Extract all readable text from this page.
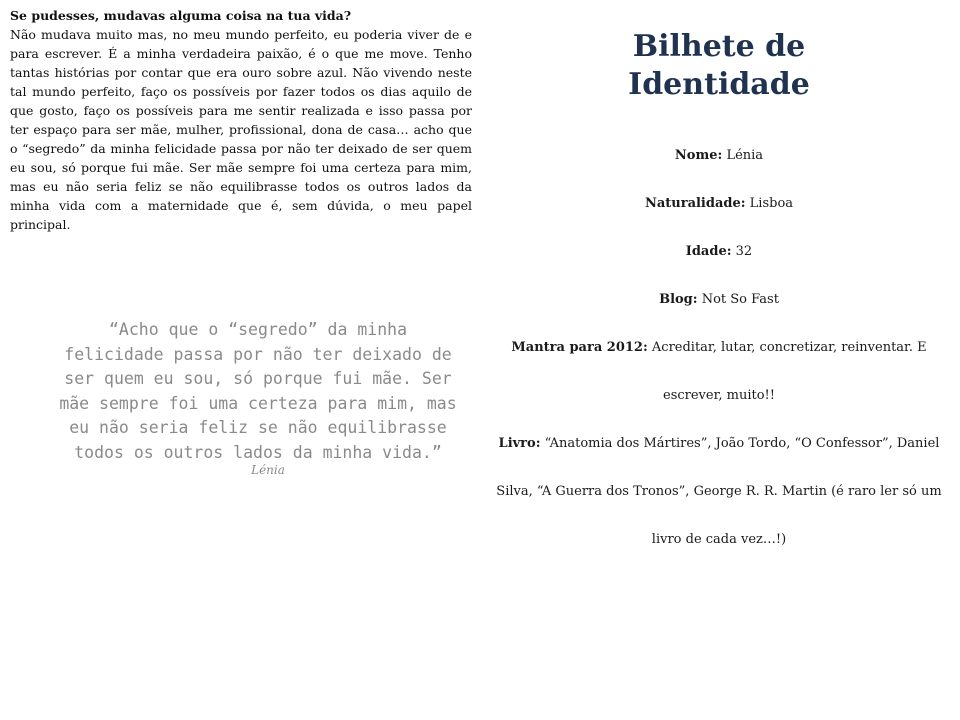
Se pudesses, mudavas alguma coisa na tua vida?

Não mudava muito mas, no meu mundo perfeito, eu poderia viver de e para escrever. É a minha verdadeira paixão, é o que me move. Tenho tantas histórias por contar que era ouro sobre azul. Não vivendo neste tal mundo perfeito, faço os possíveis por fazer todos os dias aquilo de que gosto, faço os possíveis para me sentir realizada e isso passa por ter espaço para ser mãe, mulher, profissional, dona de casa… acho que o “segredo” da minha felicidade passa por não ter deixado de ser quem eu sou, só porque fui mãe. Ser mãe sempre foi uma certeza para mim, mas eu não seria feliz se não equilibrasse todos os outros lados da minha vida com a maternidade que é, sem dúvida, o meu papel principal.

“Acho que o “segredo” da minha felicidade passa por não ter deixado de ser quem eu sou, só porque fui mãe. Ser mãe sempre foi uma certeza para mim, mas eu não seria feliz se não equilibrasse todos os outros lados da minha vida.”

Lénia
Bilhete de Identidade

Nome: Lénia

Naturalidade: Lisboa

Idade: 32

Blog: Not So Fast

Mantra para 2012: Acreditar, lutar, concretizar, reinventar. E escrever, muito!!

Livro: “Anatomia dos Mártires”, João Tordo, “O Confessor”, Daniel Silva, “A Guerra dos Tronos”, George R. R. Martin (é raro ler só um livro de cada vez…!)
